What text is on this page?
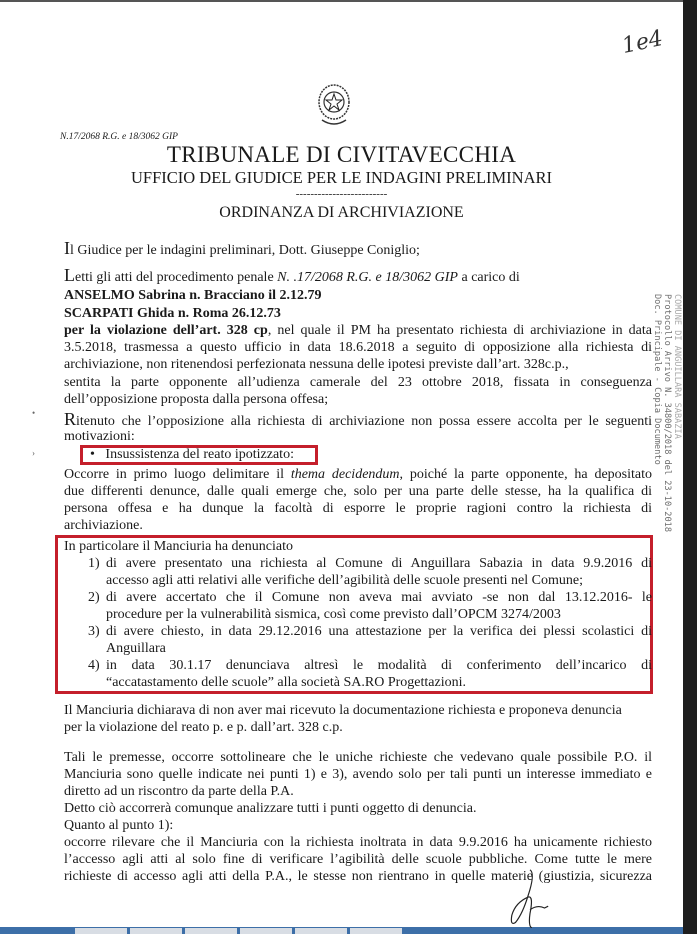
1e4
N.17/2068 R.G. e 18/3062 GIP
TRIBUNALE DI CIVITAVECCHIA
UFFICIO DEL GIUDICE PER LE INDAGINI PRELIMINARI
-------------------------
ORDINANZA DI ARCHIVIAZIONE
COMUNE DI ANGUILLARA SABAZIA
Protocollo Arrivo N. 34800/2018 del 23-10-2018
Doc. Principale - Copia Documento
•
›
Il Giudice per le indagini preliminari, Dott. Giuseppe Coniglio;
Letti gli atti del procedimento penale N. .17/2068 R.G. e 18/3062 GIP a carico di
ANSELMO Sabrina n. Bracciano il 2.12.79
SCARPATI Ghida n. Roma 26.12.73
per la violazione dell’art. 328 cp, nel quale il PM ha presentato richiesta di archiviazione in data
3.5.2018, trasmessa a questo ufficio in data 18.6.2018 a seguito di opposizione alla richiesta di
archiviazione, non ritenendosi perfezionata nessuna delle ipotesi previste dall’art. 328c.p.,
sentita la parte opponente all’udienza camerale del 23 ottobre 2018, fissata in conseguenza
dell’opposizione proposta dalla persona offesa;
Ritenuto che l’opposizione alla richiesta di archiviazione non possa essere accolta per le seguenti
motivazioni:
• Insussistenza del reato ipotizzato:
Occorre in primo luogo delimitare il thema decidendum, poiché la parte opponente, ha depositato
due differenti denunce, dalle quali emerge che, solo per una parte delle stesse, ha la qualifica di
persona offesa e ha dunque la facoltà di esporre le proprie ragioni contro la richiesta di
archiviazione.
In particolare il Manciuria ha denunciato
1) di avere presentato una richiesta al Comune di Anguillara Sabazia in data 9.9.2016 di
accesso agli atti relativi alle verifiche dell’agibilità delle scuole presenti nel Comune;
2) di avere accertato che il Comune non aveva mai avviato -se non dal 13.12.2016- le
procedure per la vulnerabilità sismica, così come previsto dall’OPCM 3274/2003
3) di avere chiesto, in data 29.12.2016 una attestazione per la verifica dei plessi scolastici di
Anguillara
4) in data 30.1.17 denunciava altresì le modalità di conferimento dell’incarico di
“accatastamento delle scuole” alla società SA.RO Progettazioni.
Il Manciuria dichiarava di non aver mai ricevuto la documentazione richiesta e proponeva denuncia
per la violazione del reato p. e p. dall’art. 328 c.p.
Tali le premesse, occorre sottolineare che le uniche richieste che vedevano quale possibile P.O. il
Manciuria sono quelle indicate nei punti 1) e 3), avendo solo per tali punti un interesse immediato e
diretto ad un riscontro da parte della P.A.
Detto ciò accorrerà comunque analizzare tutti i punti oggetto di denuncia.
Quanto al punto 1):
occorre rilevare che il Manciuria con la richiesta inoltrata in data 9.9.2016 ha unicamente richiesto
l’accesso agli atti al solo fine di verificare l’agibilità delle scuole pubbliche. Come tutte le mere
richieste di accesso agli atti della P.A., le stesse non rientrano in quelle materie (giustizia, sicurezza
